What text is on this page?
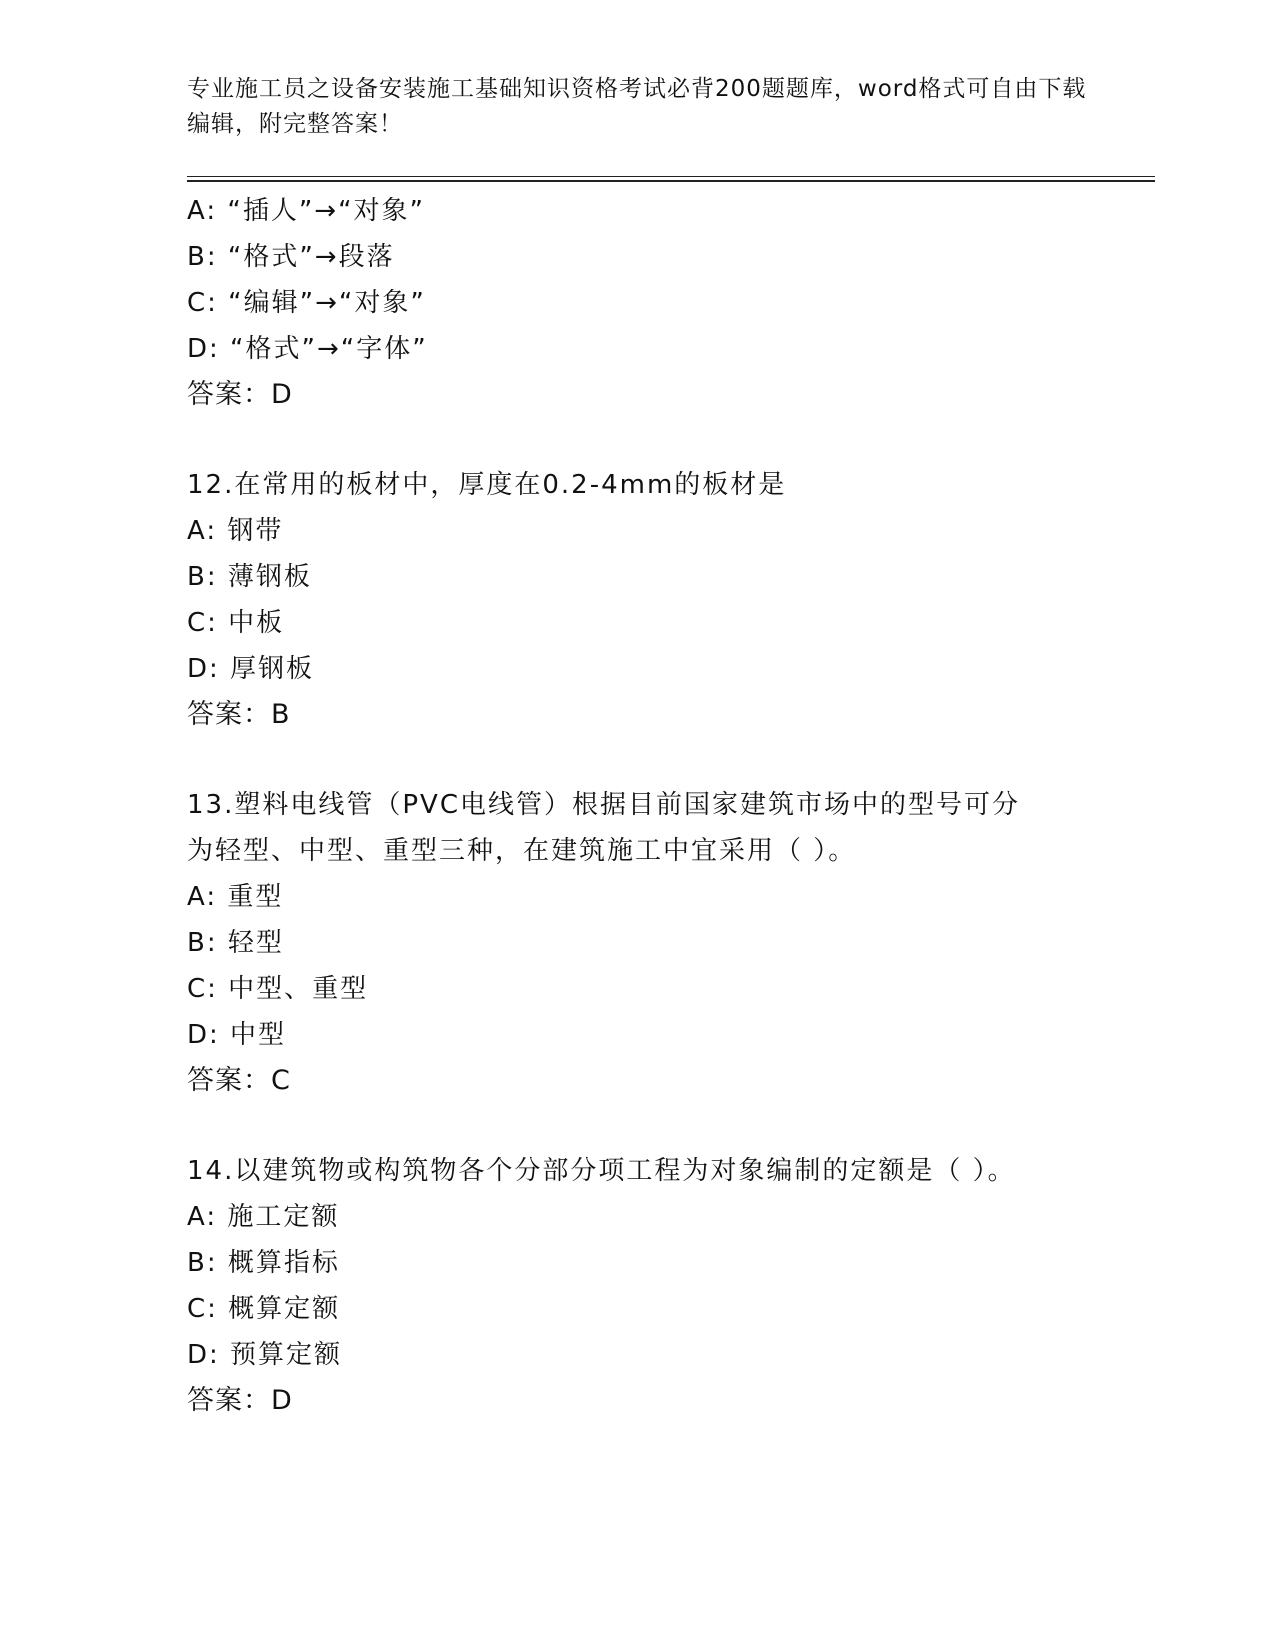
专业施工员之设备安装施工基础知识资格考试必背200题题库，word格式可自由下载编辑，附完整答案！
A: “插人”→“对象”
B: “格式”→段落
C: “编辑”→“对象”
D: “格式”→“字体”
答案：D
12.在常用的板材中，厚度在0.2-4mm的板材是
A: 钢带
B: 薄钢板
C: 中板
D: 厚钢板
答案：B
13.塑料电线管（PVC电线管）根据目前国家建筑市场中的型号可分为轻型、中型、重型三种，在建筑施工中宜采用（ ）。
A: 重型
B: 轻型
C: 中型、重型
D: 中型
答案：C
14.以建筑物或构筑物各个分部分项工程为对象编制的定额是（ ）。
A: 施工定额
B: 概算指标
C: 概算定额
D: 预算定额
答案：D
